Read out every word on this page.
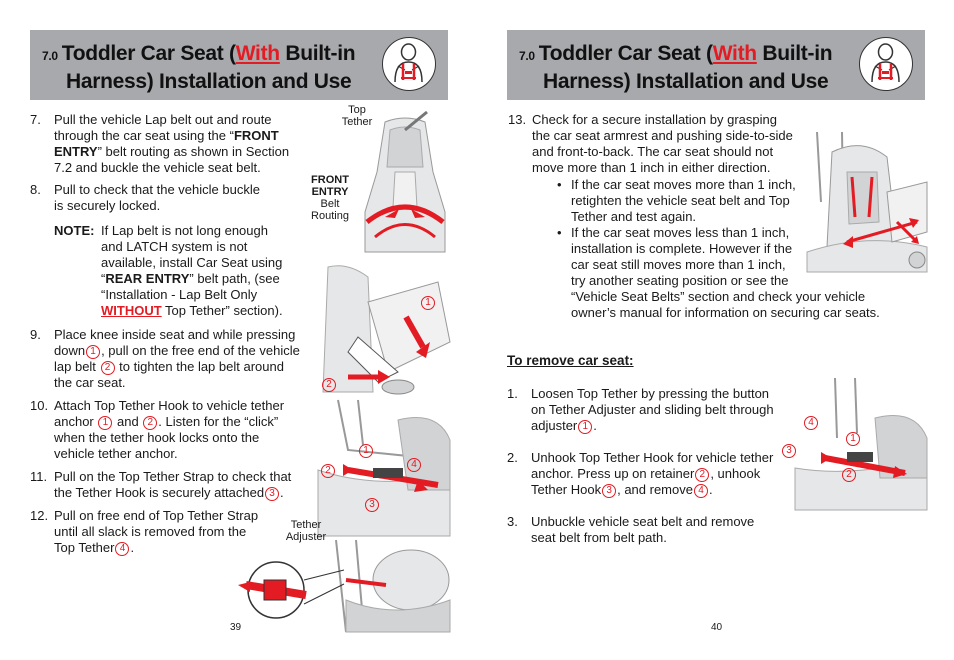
7.0 Toddler Car Seat (With Built-in
Harness) Installation and Use
7. Pull the vehicle Lap belt out and route
through the car seat using the “FRONT
ENTRY” belt routing as shown in Section
7.2 and buckle the vehicle seat belt.
8. Pull to check that the vehicle buckle
is securely locked.
NOTE: If Lap belt is not long enough
and LATCH system is not
available, install Car Seat using
“REAR ENTRY” belt path, (see
“Installation - Lap Belt Only
WITHOUT Top Tether” section).
9. Place knee inside seat and while pressing
down 1 , pull on the free end of the vehicle
lap belt 2 to tighten the lap belt around
the car seat.
10. Attach Top Tether Hook to vehicle tether
anchor 1 and 2 . Listen for the “click”
when the tether hook locks onto the
vehicle tether anchor.
11. Pull on the Top Tether Strap to check that
the Tether Hook is securely attached 3 .
12. Pull on free end of Top Tether Strap
until all slack is removed from the
Top Tether 4 .
Top
Tether
FRONT
ENTRY
Belt
Routing
1
2
1
4
2
3
Tether
Adjuster
39
7.0 Toddler Car Seat (With Built-in
Harness) Installation and Use
13. Check for a secure installation by grasping
the car seat armrest and pushing side-to-side
and front-to-back. The car seat should not
move more than 1 inch in either direction.
• If the car seat moves more than 1 inch,
retighten the vehicle seat belt and Top
Tether and test again.
• If the car seat moves less than 1 inch,
installation is complete. However if the
car seat still moves more than 1 inch,
try another seating position or see the
“Vehicle Seat Belts” section and check your vehicle
owner’s manual for information on securing car seats.
To remove car seat:
1. Loosen Top Tether by pressing the button
on Tether Adjuster and sliding belt through
adjuster 1 .
2. Unhook Top Tether Hook for vehicle tether
anchor. Press up on retainer 2 , unhook
Tether Hook 3 , and remove 4 .
3. Unbuckle vehicle seat belt and remove
seat belt from belt path.
4
1
3
2
40
